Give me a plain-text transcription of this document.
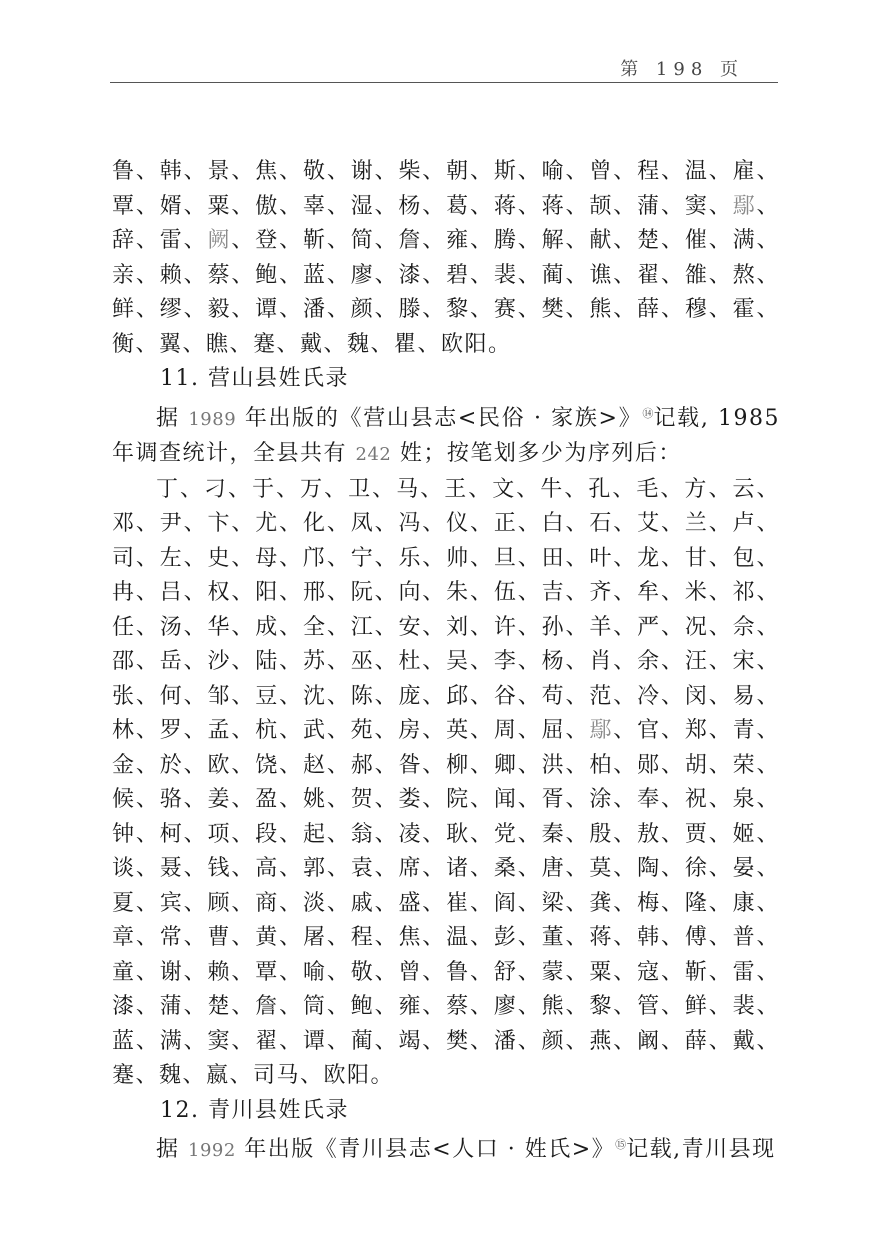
第 198 页

鲁、韩、景、焦、敬、谢、柴、朝、斯、喻、曾、程、温、雇、覃、婿、粟、傲、辜、湿、杨、葛、蒋、蒋、颉、蒲、窦、鄢、辞、雷、阙、登、靳、简、詹、雍、腾、解、献、楚、催、满、亲、赖、蔡、鲍、蓝、廖、漆、碧、裴、蔺、谯、翟、雒、熬、鲜、缪、毅、谭、潘、颜、滕、黎、赛、樊、熊、薛、穆、霍、衡、翼、瞧、蹇、戴、魏、瞿、欧阳。

11. 营山县姓氏录

据 1989 年出版的《营山县志<民俗 · 家族>》⑭记载, 1985 年调查统计，全县共有 242 姓；按笔划多少为序列后：

丁、刁、于、万、卫、马、王、文、牛、孔、毛、方、云、邓、尹、卞、尤、化、凤、冯、仪、正、白、石、艾、兰、卢、司、左、史、母、邝、宁、乐、帅、旦、田、叶、龙、甘、包、冉、吕、权、阳、邢、阮、向、朱、伍、吉、齐、牟、米、祁、任、汤、华、成、全、江、安、刘、许、孙、羊、严、况、佘、邵、岳、沙、陆、苏、巫、杜、吴、李、杨、肖、余、汪、宋、张、何、邹、豆、沈、陈、庞、邱、谷、苟、范、冷、闵、易、林、罗、孟、杭、武、苑、房、英、周、屈、鄢、官、郑、青、金、於、欧、饶、赵、郝、昝、柳、卿、洪、柏、郧、胡、荣、候、骆、姜、盈、姚、贺、娄、院、闻、胥、涂、奉、祝、泉、钟、柯、项、段、起、翁、凌、耿、党、秦、殷、敖、贾、姬、谈、聂、钱、高、郭、袁、席、诸、桑、唐、莫、陶、徐、晏、夏、宾、顾、商、淡、戚、盛、崔、阎、梁、龚、梅、隆、康、章、常、曹、黄、屠、程、焦、温、彭、董、蒋、韩、傅、普、童、谢、赖、覃、喻、敬、曾、鲁、舒、蒙、粟、寇、靳、雷、漆、蒲、楚、詹、筒、鲍、雍、蔡、廖、熊、黎、管、鲜、裴、蓝、满、窦、翟、谭、蔺、竭、樊、潘、颜、燕、阚、薛、戴、蹇、魏、嬴、司马、欧阳。

12. 青川县姓氏录

据 1992 年出版《青川县志<人口 · 姓氏>》⑮记载,青川县现
